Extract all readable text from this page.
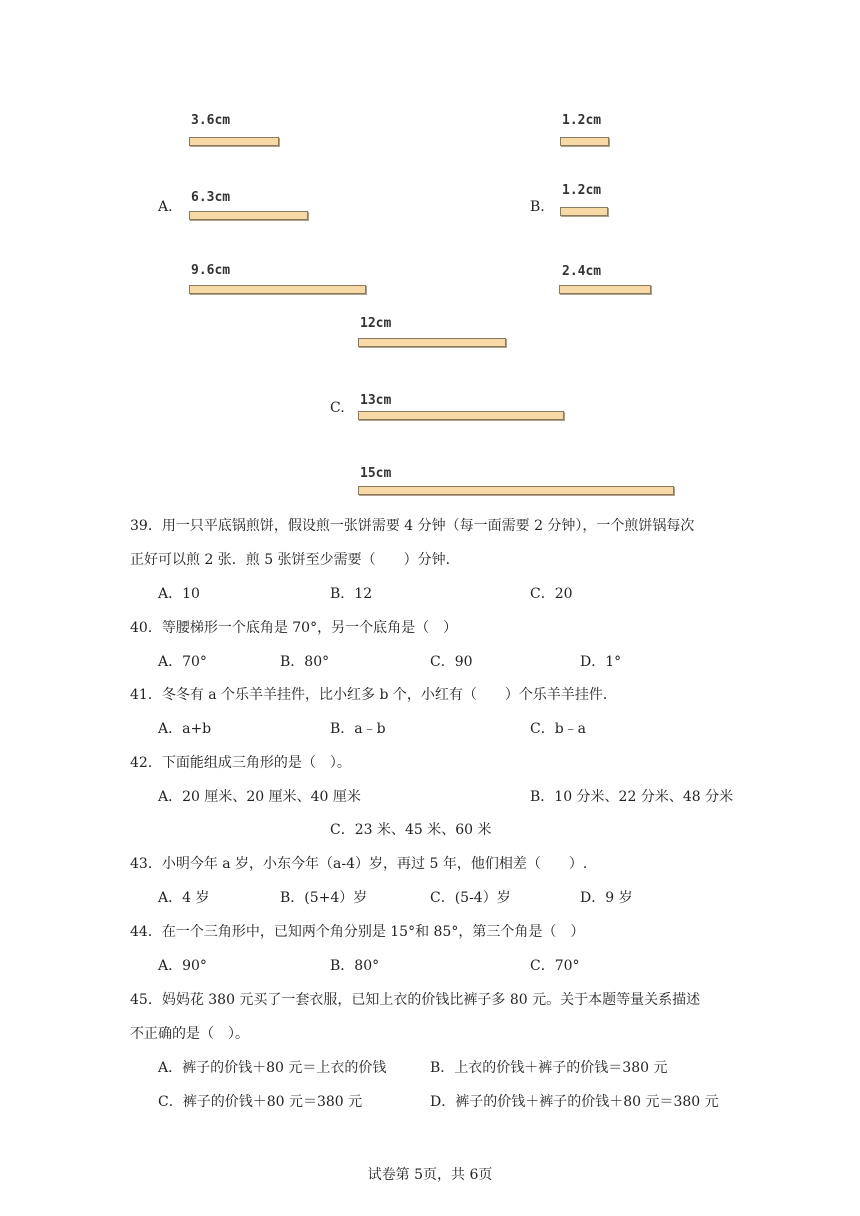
A.
3.6cm
6.3cm
9.6cm
B.
1.2cm
1.2cm
2.4cm
C.
12cm
13cm
15cm
39．用一只平底锅煎饼，假设煎一张饼需要 4 分钟（每一面需要 2 分钟），一个煎饼锅每次
正好可以煎 2 张．煎 5 张饼至少需要（　　）分钟．
A．10	B．12	C．20
40．等腰梯形一个底角是 70°，另一个底角是（　）
A．70°	B．80°	C．90	D．1°
41．冬冬有 a 个乐羊羊挂件，比小红多 b 个，小红有（　　）个乐羊羊挂件．
A．a+b	B．a﹣b	C．b﹣a
42．下面能组成三角形的是（　）。
A．20 厘米、20 厘米、40 厘米	B．10 分米、22 分米、48 分米
C．23 米、45 米、60 米
43．小明今年 a 岁，小东今年（a-4）岁，再过 5 年，他们相差（　　）.
A．4 岁	B．(5+4）岁	C．(5-4）岁	D．9 岁
44．在一个三角形中，已知两个角分别是 15°和 85°，第三个角是（　）
A．90°	B．80°	C．70°
45．妈妈花 380 元买了一套衣服，已知上衣的价钱比裤子多 80 元。关于本题等量关系描述
不正确的是（　）。
A．裤子的价钱＋80 元＝上衣的价钱	B．上衣的价钱＋裤子的价钱＝380 元
C．裤子的价钱＋80 元＝380 元	D．裤子的价钱＋裤子的价钱＋80 元＝380 元
试卷第 5页，共 6页
